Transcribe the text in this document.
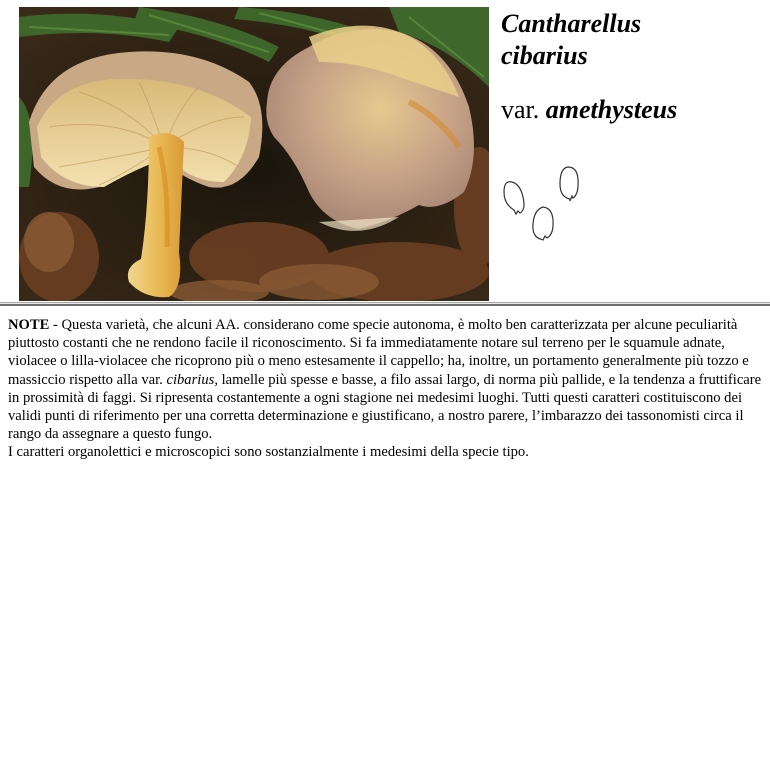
Cantharellus
cibarius
var. amethysteus

NOTE - Questa varietà, che alcuni AA. considerano come specie autonoma, è molto ben caratterizzata per alcune peculiarità piuttosto costanti che ne rendono facile il riconoscimento. Si fa immediatamente notare sul terreno per le squamule adnate, violacee o lilla-violacee che ricoprono più o meno estesamente il cappello; ha, inoltre, un portamento generalmente più tozzo e massiccio rispetto alla var. cibarius, lamelle più spesse e basse, a filo assai largo, di norma più pallide, e la tendenza a fruttificare in prossimità di faggi. Si ripresenta costantemente a ogni stagione nei medesimi luoghi. Tutti questi caratteri costituiscono dei validi punti di riferimento per una corretta determinazione e giustificano, a nostro parere, l’imbarazzo dei tassonomisti circa il rango da assegnare a questo fungo.

I caratteri organolettici e microscopici sono sostanzialmente i medesimi della specie tipo.
